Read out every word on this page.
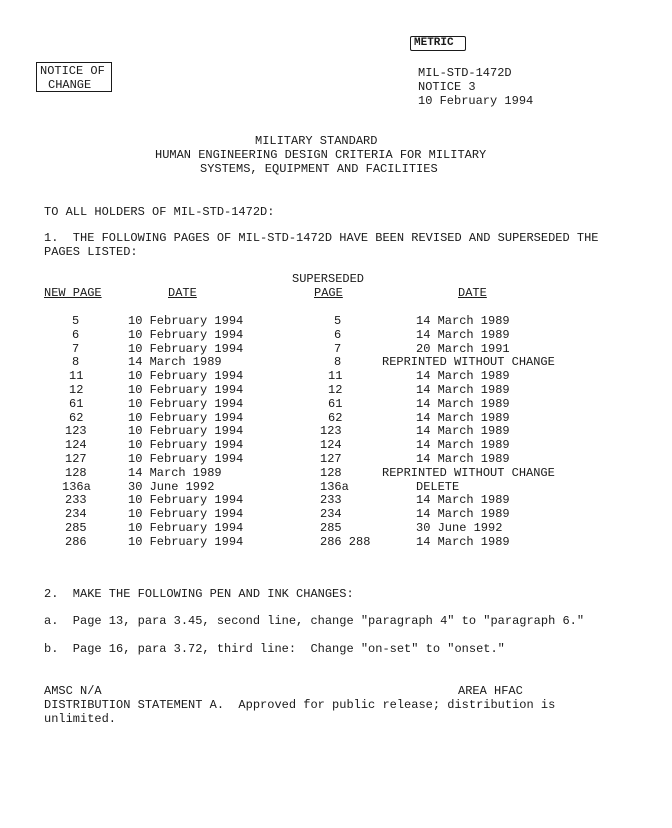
METRIC
NOTICE OF
CHANGE
MIL-STD-1472D
NOTICE 3
10 February 1994
MILITARY STANDARD
HUMAN ENGINEERING DESIGN CRITERIA FOR MILITARY
SYSTEMS, EQUIPMENT AND FACILITIES
TO ALL HOLDERS OF MIL-STD-1472D:
1.  THE FOLLOWING PAGES OF MIL-STD-1472D HAVE BEEN REVISED AND SUPERSEDED THE
PAGES LISTED:
SUPERSEDED
NEW PAGE	DATE	PAGE	DATE
5	10 February 1994	5	14 March 1989
6	10 February 1994	6	14 March 1989
7	10 February 1994	7	20 March 1991
8	14 March 1989	8	REPRINTED WITHOUT CHANGE
11	10 February 1994	11	14 March 1989
12	10 February 1994	12	14 March 1989
61	10 February 1994	61	14 March 1989
62	10 February 1994	62	14 March 1989
123	10 February 1994	123	14 March 1989
124	10 February 1994	124	14 March 1989
127	10 February 1994	127	14 March 1989
128	14 March 1989	128	REPRINTED WITHOUT CHANGE
136a	30 June 1992	136a	DELETE
233	10 February 1994	233	14 March 1989
234	10 February 1994	234	14 March 1989
285	10 February 1994	285	30 June 1992
286	10 February 1994	286 288	14 March 1989
2.  MAKE THE FOLLOWING PEN AND INK CHANGES:
a.  Page 13, para 3.45, second line, change "paragraph 4" to "paragraph 6."
b.  Page 16, para 3.72, third line:  Change "on-set" to "onset."
AMSC N/A	AREA HFAC
DISTRIBUTION STATEMENT A.  Approved for public release; distribution is
unlimited.
